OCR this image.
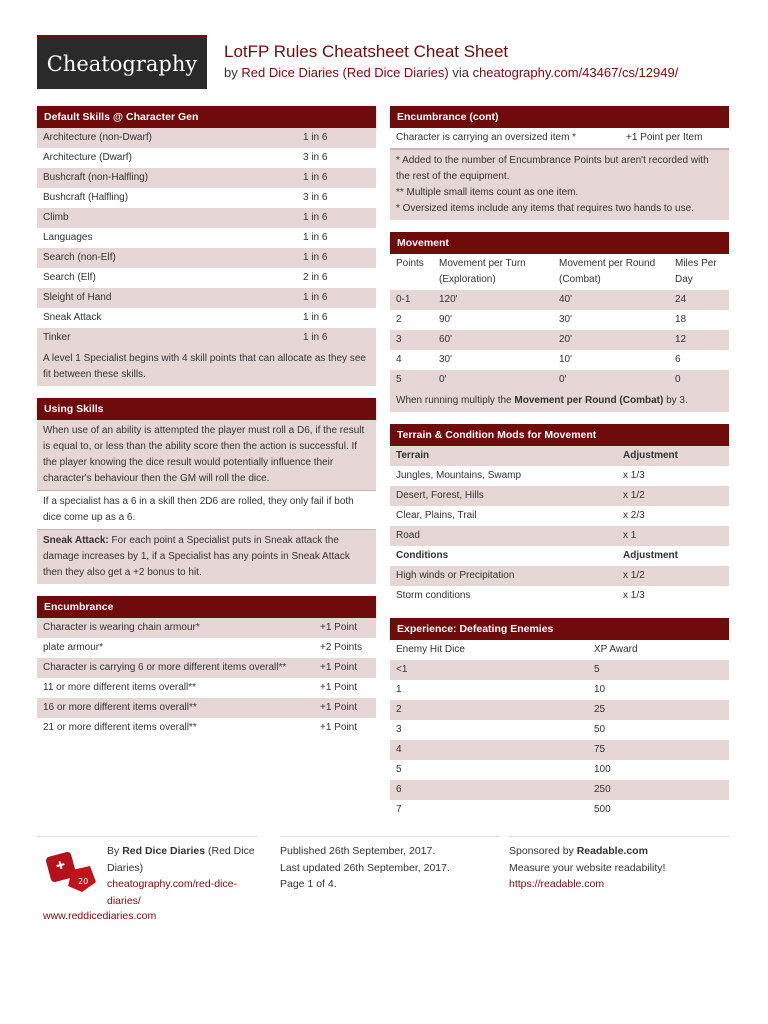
Cheatography LotFP Rules Cheatsheet Cheat Sheet
by Red Dice Diaries (Red Dice Diaries) via cheatography.com/43467/cs/12949/
Default Skills @ Character Gen
Architecture (non-Dwarf)	1 in 6
Architecture (Dwarf)	3 in 6
Bushcraft (non-Halfling)	1 in 6
Bushcraft (Halfling)	3 in 6
Climb	1 in 6
Languages	1 in 6
Search (non-Elf)	1 in 6
Search (Elf)	2 in 6
Sleight of Hand	1 in 6
Sneak Attack	1 in 6
Tinker	1 in 6
A level 1 Specialist begins with 4 skill points that can allocate as they see fit between these skills.
Using Skills
When use of an ability is attempted the player must roll a D6, if the result is equal to, or less than the ability score then the action is successful. If the player knowing the dice result would potentially influence their character's behaviour then the GM will roll the dice.
If a specialist has a 6 in a skill then 2D6 are rolled, they only fail if both dice come up as a 6.
Sneak Attack: For each point a Specialist puts in Sneak attack the damage increases by 1, if a Specialist has any points in Sneak Attack then they also get a +2 bonus to hit.
Encumbrance
Character is wearing chain armour*	+1 Point
plate armour*	+2 Points
Character is carrying 6 or more different items overall**	+1 Point
11 or more different items overall**	+1 Point
16 or more different items overall**	+1 Point
21 or more different items overall**	+1 Point
Encumbrance (cont)
Character is carrying an oversized item *	+1 Point per Item
* Added to the number of Encumbrance Points but aren't recorded with the rest of the equipment.
** Multiple small items count as one item.
* Oversized items include any items that requires two hands to use.
Movement
Points	Movement per Turn (Exploration)	Movement per Round (Combat)	Miles Per Day
0-1	120'	40'	24
2	90'	30'	18
3	60'	20'	12
4	30'	10'	6
5	0'	0'	0
When running multiply the Movement per Round (Combat) by 3.
Terrain & Condition Mods for Movement
Terrain	Adjustment
Jungles, Mountains, Swamp	x 1/3
Desert, Forest, Hills	x 1/2
Clear, Plains, Trail	x 2/3
Road	x 1
Conditions	Adjustment
High winds or Precipitation	x 1/2
Storm conditions	x 1/3
Experience: Defeating Enemies
Enemy Hit Dice	XP Award
<1	5
1	10
2	25
3	50
4	75
5	100
6	250
7	500
20
By Red Dice Diaries (Red Dice Diaries)
cheatography.com/red-dice-diaries/
www.reddicediaries.com
Published 26th September, 2017.
Last updated 26th September, 2017.
Page 1 of 4.
Sponsored by Readable.com
Measure your website readability!
https://readable.com
